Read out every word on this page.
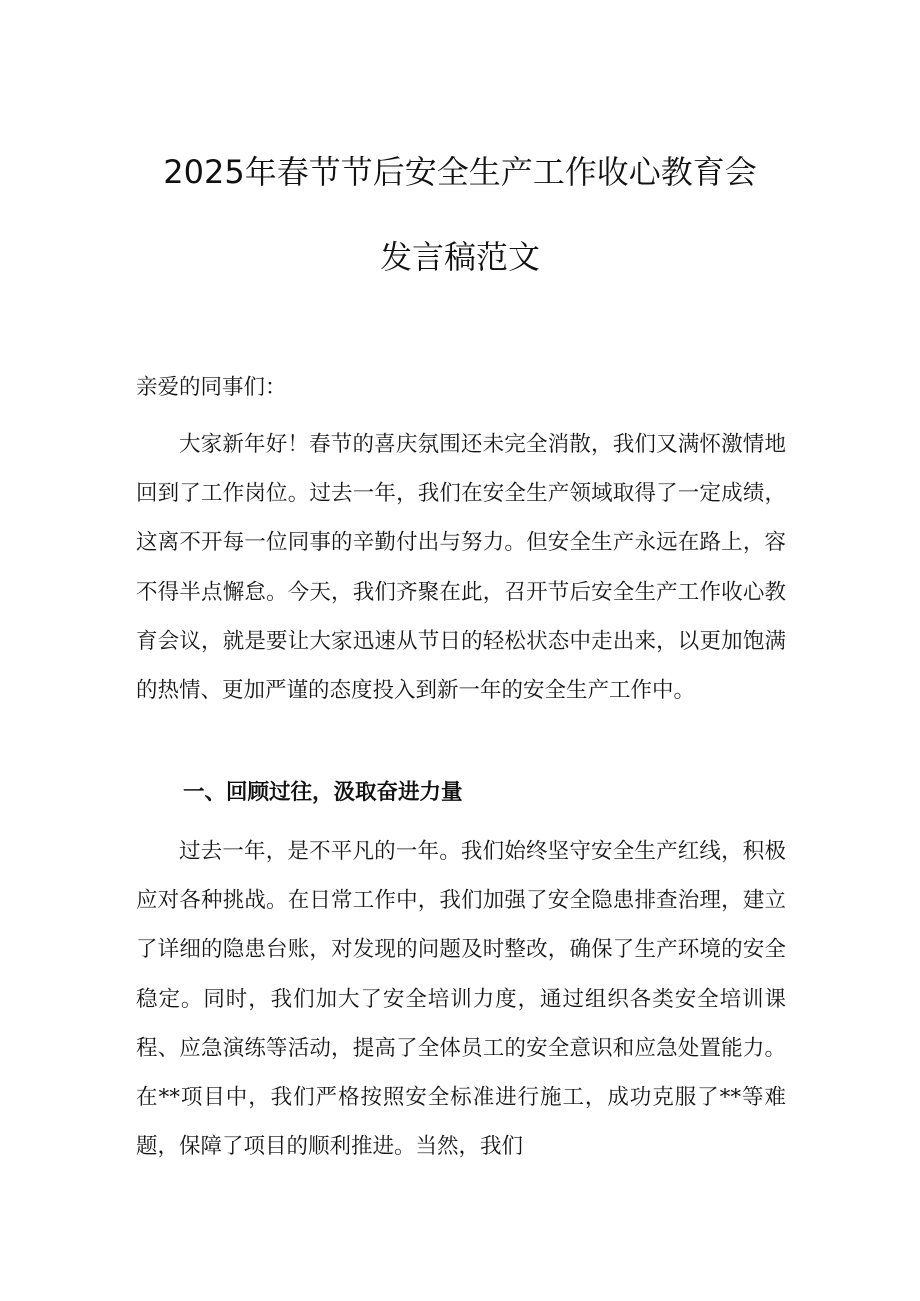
2025年春节节后安全生产工作收心教育会
发言稿范文
亲爱的同事们：
大家新年好！春节的喜庆氛围还未完全消散，我们又满怀激情地回到了工作岗位。过去一年，我们在安全生产领域取得了一定成绩，这离不开每一位同事的辛勤付出与努力。但安全生产永远在路上，容不得半点懈怠。今天，我们齐聚在此，召开节后安全生产工作收心教育会议，就是要让大家迅速从节日的轻松状态中走出来，以更加饱满的热情、更加严谨的态度投入到新一年的安全生产工作中。
一、回顾过往，汲取奋进力量
过去一年，是不平凡的一年。我们始终坚守安全生产红线，积极应对各种挑战。在日常工作中，我们加强了安全隐患排查治理，建立了详细的隐患台账，对发现的问题及时整改，确保了生产环境的安全稳定。同时，我们加大了安全培训力度，通过组织各类安全培训课程、应急演练等活动，提高了全体员工的安全意识和应急处置能力。在**项目中，我们严格按照安全标准进行施工，成功克服了**等难题，保障了项目的顺利推进。当然，我们
